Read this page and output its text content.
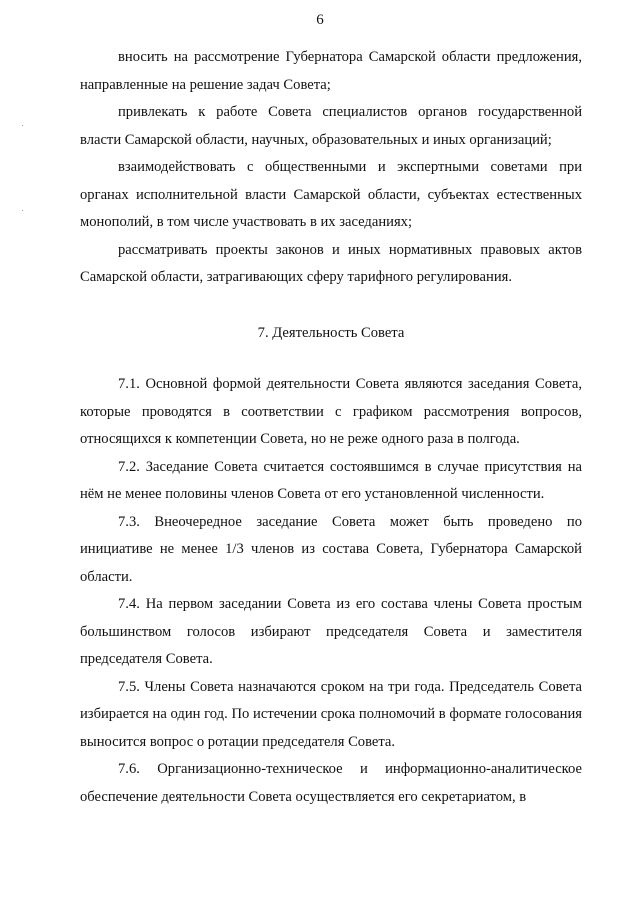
6

вносить на рассмотрение Губернатора Самарской области предложения, направленные на решение задач Совета;

привлекать к работе Совета специалистов органов государственной власти Самарской области, научных, образовательных и иных организаций;

взаимодействовать с общественными и экспертными советами при органах исполнительной власти Самарской области, субъектах естественных монополий, в том числе участвовать в их заседаниях;

рассматривать проекты законов и иных нормативных правовых актов Самарской области, затрагивающих сферу тарифного регулирования.

7. Деятельность Совета

7.1. Основной формой деятельности Совета являются заседания Совета, которые проводятся в соответствии с графиком рассмотрения вопросов, относящихся к компетенции Совета, но не реже одного раза в полгода.

7.2. Заседание Совета считается состоявшимся в случае присутствия на нём не менее половины членов Совета от его установленной численности.

7.3. Внеочередное заседание Совета может быть проведено по инициативе не менее 1/3 членов из состава Совета, Губернатора Самарской области.

7.4. На первом заседании Совета из его состава члены Совета простым большинством голосов избирают председателя Совета и заместителя председателя Совета.

7.5. Члены Совета назначаются сроком на три года. Председатель Совета избирается на один год. По истечении срока полномочий в формате голосования выносится вопрос о ротации председателя Совета.

7.6. Организационно-техническое и информационно-аналитическое обеспечение деятельности Совета осуществляется его секретариатом, в
